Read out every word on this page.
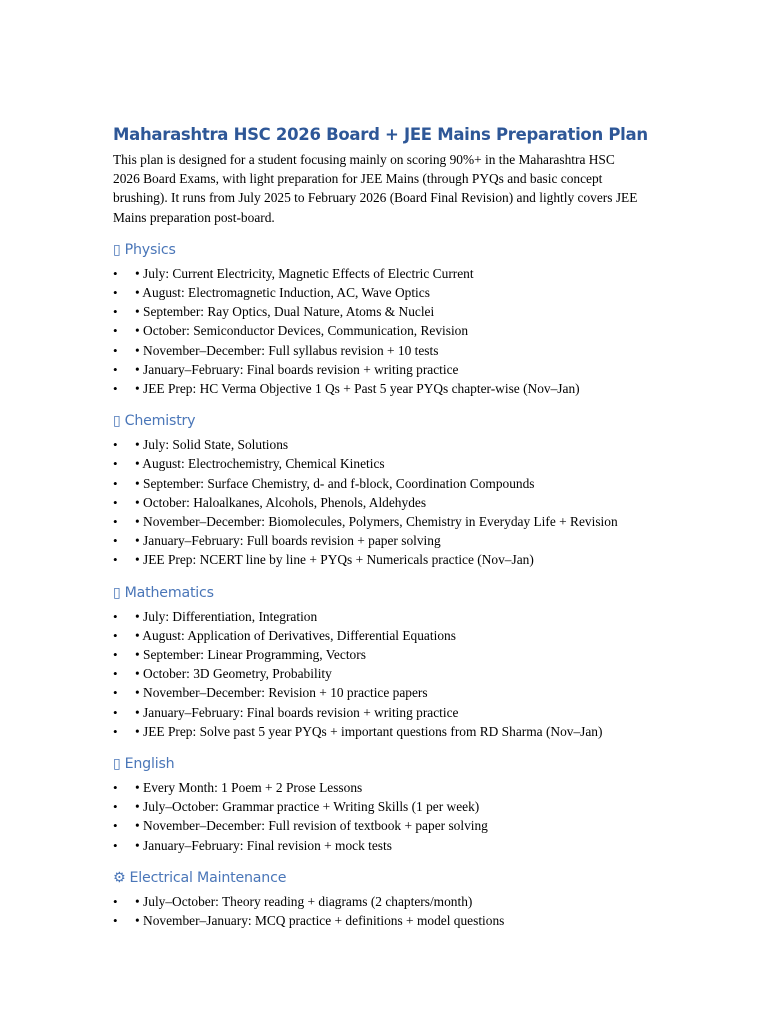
Maharashtra HSC 2026 Board + JEE Mains Preparation Plan

This plan is designed for a student focusing mainly on scoring 90%+ in the Maharashtra HSC 2026 Board Exams, with light preparation for JEE Mains (through PYQs and basic concept brushing). It runs from July 2025 to February 2026 (Board Final Revision) and lightly covers JEE Mains preparation post-board.

▯ Physics
• • July: Current Electricity, Magnetic Effects of Electric Current
• • August: Electromagnetic Induction, AC, Wave Optics
• • September: Ray Optics, Dual Nature, Atoms & Nuclei
• • October: Semiconductor Devices, Communication, Revision
• • November–December: Full syllabus revision + 10 tests
• • January–February: Final boards revision + writing practice
• • JEE Prep: HC Verma Objective 1 Qs + Past 5 year PYQs chapter-wise (Nov–Jan)
▯ Chemistry
• • July: Solid State, Solutions
• • August: Electrochemistry, Chemical Kinetics
• • September: Surface Chemistry, d- and f-block, Coordination Compounds
• • October: Haloalkanes, Alcohols, Phenols, Aldehydes
• • November–December: Biomolecules, Polymers, Chemistry in Everyday Life + Revision
• • January–February: Full boards revision + paper solving
• • JEE Prep: NCERT line by line + PYQs + Numericals practice (Nov–Jan)
▯ Mathematics
• • July: Differentiation, Integration
• • August: Application of Derivatives, Differential Equations
• • September: Linear Programming, Vectors
• • October: 3D Geometry, Probability
• • November–December: Revision + 10 practice papers
• • January–February: Final boards revision + writing practice
• • JEE Prep: Solve past 5 year PYQs + important questions from RD Sharma (Nov–Jan)
▯ English
• • Every Month: 1 Poem + 2 Prose Lessons
• • July–October: Grammar practice + Writing Skills (1 per week)
• • November–December: Full revision of textbook + paper solving
• • January–February: Final revision + mock tests
⚙ Electrical Maintenance
• • July–October: Theory reading + diagrams (2 chapters/month)
• • November–January: MCQ practice + definitions + model questions
